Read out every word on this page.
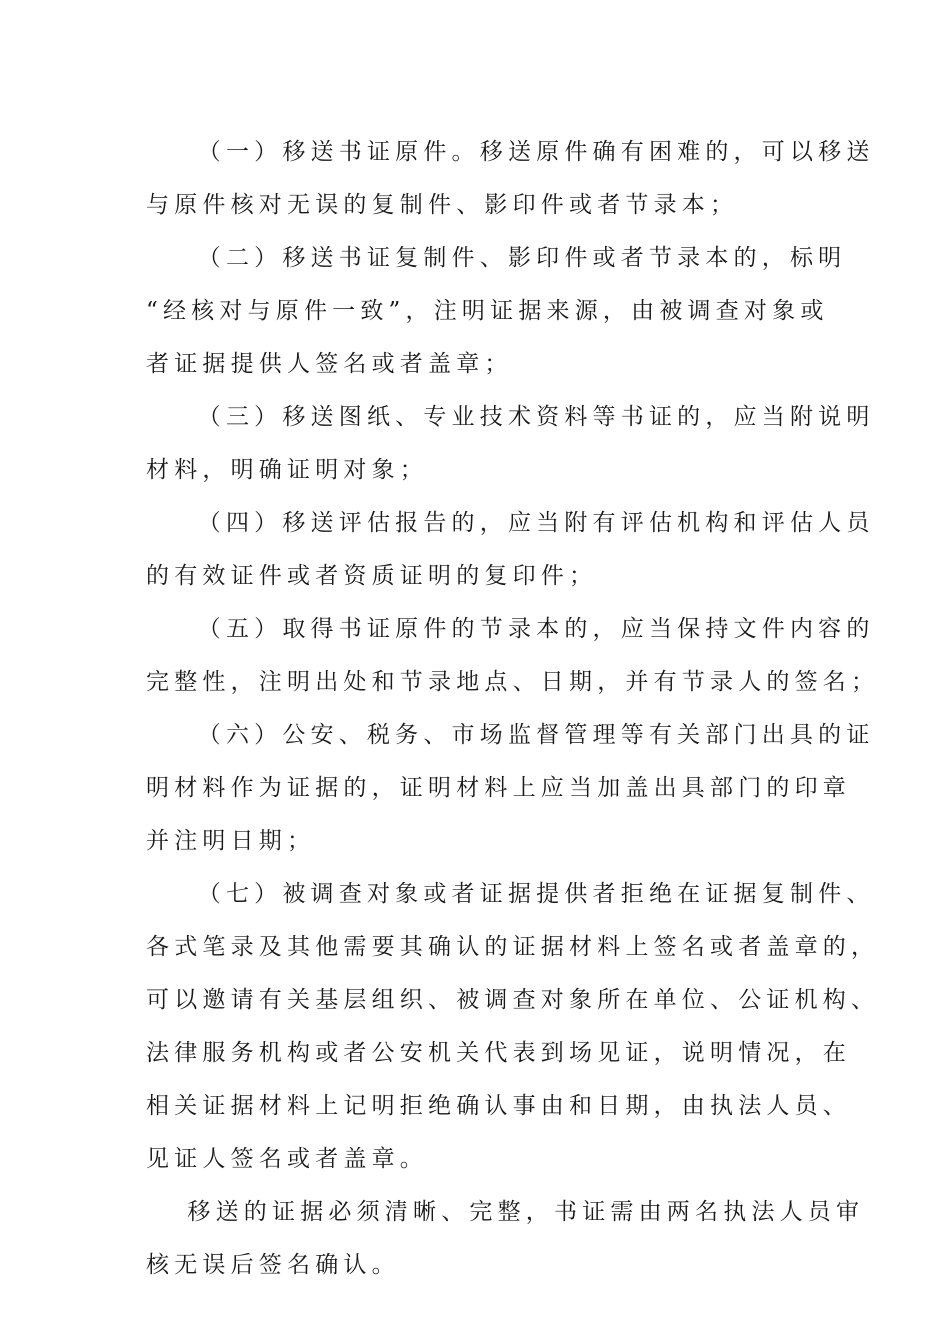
（一）移送书证原件。移送原件确有困难的，可以移送
与原件核对无误的复制件、影印件或者节录本；
（二）移送书证复制件、影印件或者节录本的，标明
“经核对与原件一致”，注明证据来源，由被调查对象或
者证据提供人签名或者盖章；
（三）移送图纸、专业技术资料等书证的，应当附说明
材料，明确证明对象；
（四）移送评估报告的，应当附有评估机构和评估人员
的有效证件或者资质证明的复印件；
（五）取得书证原件的节录本的，应当保持文件内容的
完整性，注明出处和节录地点、日期，并有节录人的签名；
（六）公安、税务、市场监督管理等有关部门出具的证
明材料作为证据的，证明材料上应当加盖出具部门的印章
并注明日期；
（七）被调查对象或者证据提供者拒绝在证据复制件、
各式笔录及其他需要其确认的证据材料上签名或者盖章的，
可以邀请有关基层组织、被调查对象所在单位、公证机构、
法律服务机构或者公安机关代表到场见证，说明情况，在
相关证据材料上记明拒绝确认事由和日期，由执法人员、
见证人签名或者盖章。
移送的证据必须清晰、完整，书证需由两名执法人员审
核无误后签名确认。
